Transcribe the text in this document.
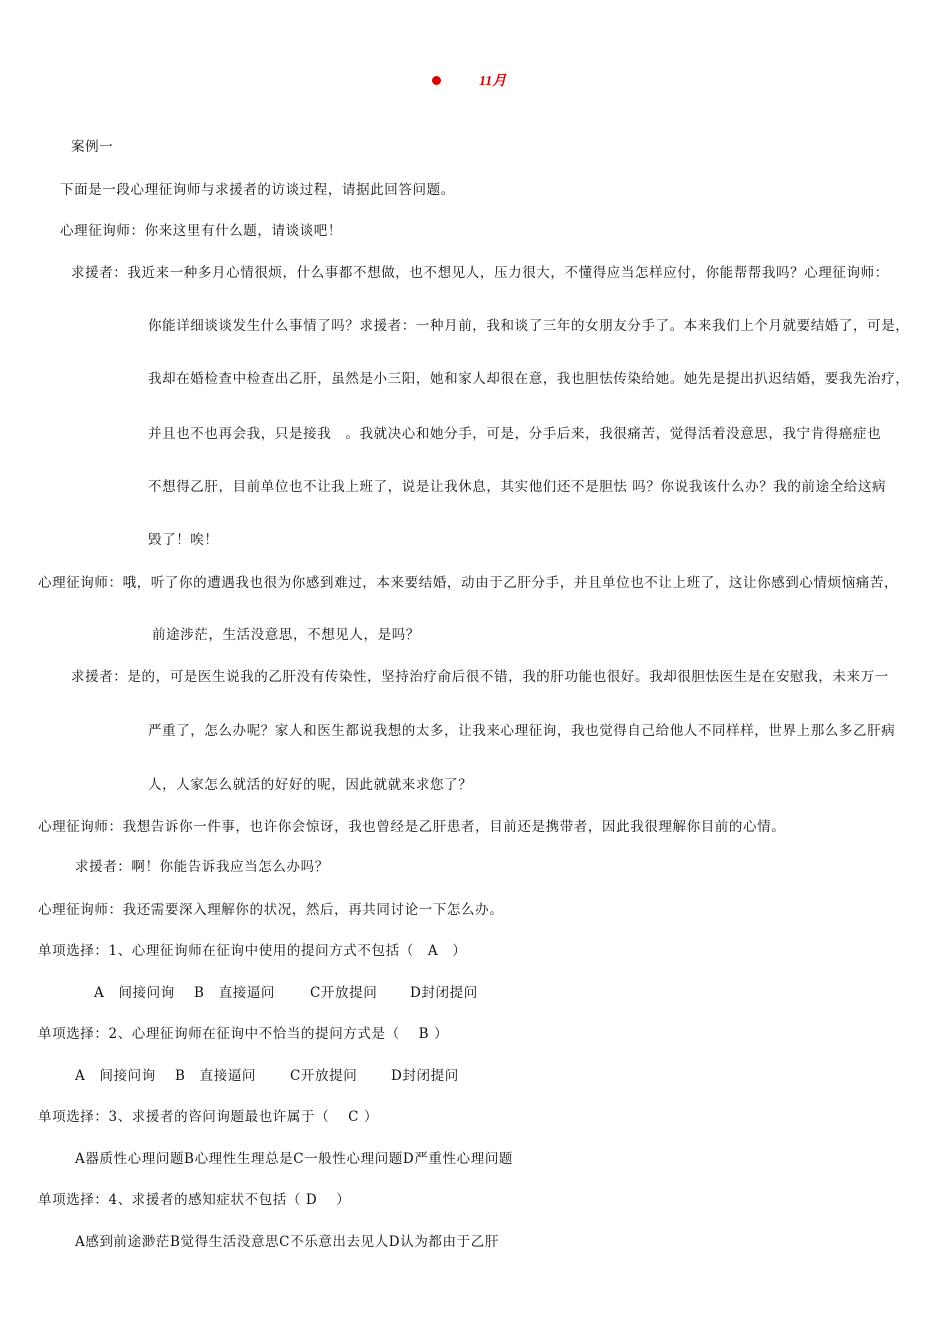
11月
案例一
下面是一段心理征询师与求援者的访谈过程，请据此回答问题。
心理征询师：你来这里有什么题，请谈谈吧！
求援者：我近来一种多月心情很烦，什么事都不想做，也不想见人，压力很大，不懂得应当怎样应付，你能帮帮我吗？心理征询师：
你能详细谈谈发生什么事情了吗？求援者：一种月前，我和谈了三年的女朋友分手了。本来我们上个月就要结婚了，可是，
我却在婚检查中检查出乙肝，虽然是小三阳，她和家人却很在意，我也胆怯传染给她。她先是提出扒迟结婚，要我先治疗，
并且也不也再会我，只是接我　。我就决心和她分手，可是，分手后来，我很痛苦，觉得活着没意思，我宁肯得癌症也
不想得乙肝，目前单位也不让我上班了，说是让我休息，其实他们还不是胆怯 吗？你说我该什么办？我的前途全给这病
毁了！唉！
心理征询师：哦，听了你的遭遇我也很为你感到难过，本来要结婚，动由于乙肝分手，并且单位也不让上班了，这让你感到心情烦恼痛苦，
前途涉茫，生活没意思，不想见人，是吗？
求援者：是的，可是医生说我的乙肝没有传染性，坚持治疗俞后很不错，我的肝功能也很好。我却很胆怯医生是在安慰我，未来万一
严重了，怎么办呢？家人和医生都说我想的太多，让我来心理征询，我也觉得自己给他人不同样样，世界上那么多乙肝病
人，人家怎么就活的好好的呢，因此就就来求您了？
心理征询师：我想告诉你一件事，也许你会惊讶，我也曾经是乙肝患者，目前还是携带者，因此我很理解你目前的心情。
求援者：啊！你能告诉我应当怎么办吗？
心理征询师：我还需要深入理解你的状况，然后，再共同讨论一下怎么办。
单项选择：1、心理征询师在征询中使用的提问方式不包括（　A　）
A　间接问询 B　直接逼问	C开放提问 D封闭提问
单项选择：2、心理征询师在征询中不恰当的提问方式是（　 B ）
A　间接问询 B　直接逼问	C开放提问 D封闭提问
单项选择：3、求援者的咨问询题最也许属于（　 C ）
A器质性心理问题B心理性生理总是C一般性心理问题D严重性心理问题
单项选择：4、求援者的感知症状不包括（ D　 ）
A感到前途渺茫B觉得生活没意思C不乐意出去见人D认为都由于乙肝
